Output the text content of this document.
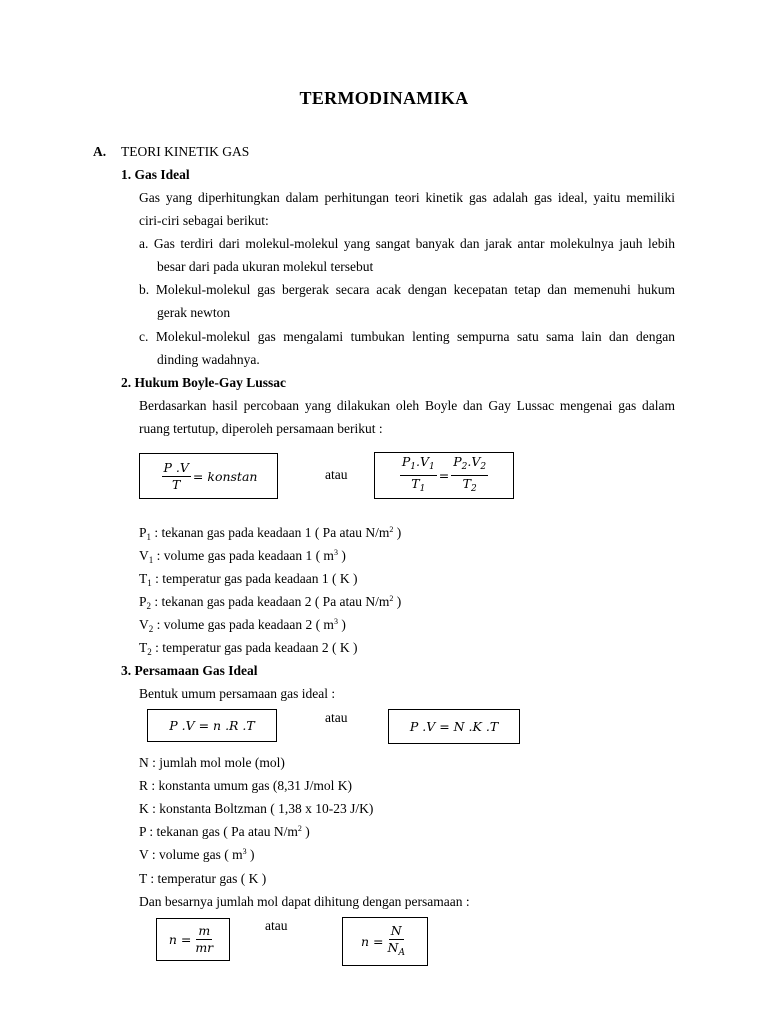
TERMODINAMIKA
A. TEORI KINETIK GAS
1. Gas Ideal
Gas yang diperhitungkan dalam perhitungan teori kinetik gas adalah gas ideal, yaitu memiliki
ciri-ciri sebagai berikut:
a. Gas terdiri dari molekul-molekul yang sangat banyak dan jarak antar molekulnya jauh lebih
besar dari pada ukuran molekul tersebut
b. Molekul-molekul gas bergerak secara acak dengan kecepatan tetap dan memenuhi hukum
gerak newton
c. Molekul-molekul gas mengalami tumbukan lenting sempurna satu sama lain dan dengan
dinding wadahnya.
2. Hukum Boyle-Gay Lussac
Berdasarkan hasil percobaan yang dilakukan oleh Boyle dan Gay Lussac mengenai gas dalam
ruang tertutup, diperoleh persamaan berikut :
$\frac{P .V}{T}$ = konstan	atau	$\frac{P_1.V_1}{T_1} = \frac{P_2.V_2}{T_2}$
$P_1$ : tekanan gas pada keadaan 1 ( Pa atau $N/m^2$ )
$V_1$ : volume gas pada keadaan 1 ( $m^3$ )
$T_1$ : temperatur gas pada keadaan 1 ( K )
$P_2$ : tekanan gas pada keadaan 2 ( Pa atau $N/m^2$ )
$V_2$ : volume gas pada keadaan 2 ( $m^3$ )
$T_2$ : temperatur gas pada keadaan 2 ( K )
3. Persamaan Gas Ideal
Bentuk umum persamaan gas ideal :
P .V = n .R .T
atau
P .V = N .K .T
N : jumlah mol mole (mol)
R : konstanta umum gas (8,31 J/mol K)
K : konstanta Boltzman ( 1,38 x 10-23 J/K)
P : tekanan gas ( Pa atau $N/m^2$ )
V : volume gas ( $m^3$ )
T : temperatur gas ( K )
Dan besarnya jumlah mol dapat dihitung dengan persamaan :
$n = \frac{m}{mr}$	atau
$n = \frac{N}{N_A}$
